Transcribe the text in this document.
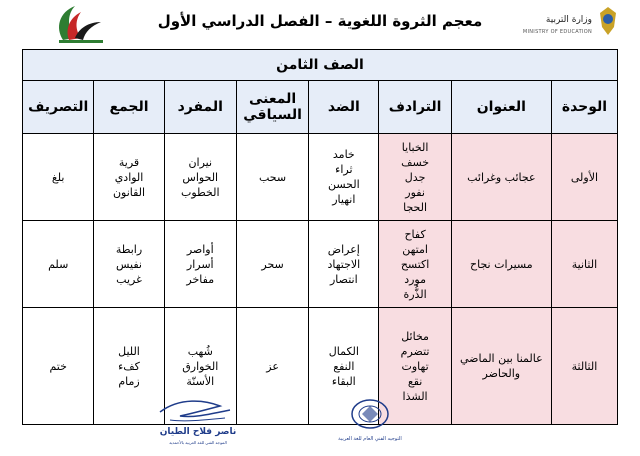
معجم الثروة اللغوية – الفصل الدراسي الأول	وزارة التربية
MINISTRY OF EDUCATION
الصف الثامن							
الوحدة	العنوان	الترادف	الضد	المعنى السياقي	المفرد	الجمع	التصريف
الأولى	عجائب وغرائب	الخبايا
خسف
جدل
نفور
الحجا	خامد
ثراء
الحسن
انهيار	سحب	نيران
الحواس
الخطوب	قرية
الوادي
القانون	بلغ
الثانية	مسيرات نجاح	كفاح
امتهن
اكتسح
مورد
الذُّرة	إعراض
الاجتهاد
انتصار	سحر	أواصر
أسرار
مفاخر	رابطة
نفيس
غريب	سلم
الثالثة	عالمنا بين الماضي والحاضر	مخائل
تتضرم
تهاوت
نقع
الشذا	الكمال
النفع
البقاء	عز	شُهب
الخوارق
الأسنّة	الليل
كفء
زمام	ختم
ناصر فلاح الطيان
الموجه الفني للغة العربية بالأحمدية
التوجيه الفني العام للغة العربية
